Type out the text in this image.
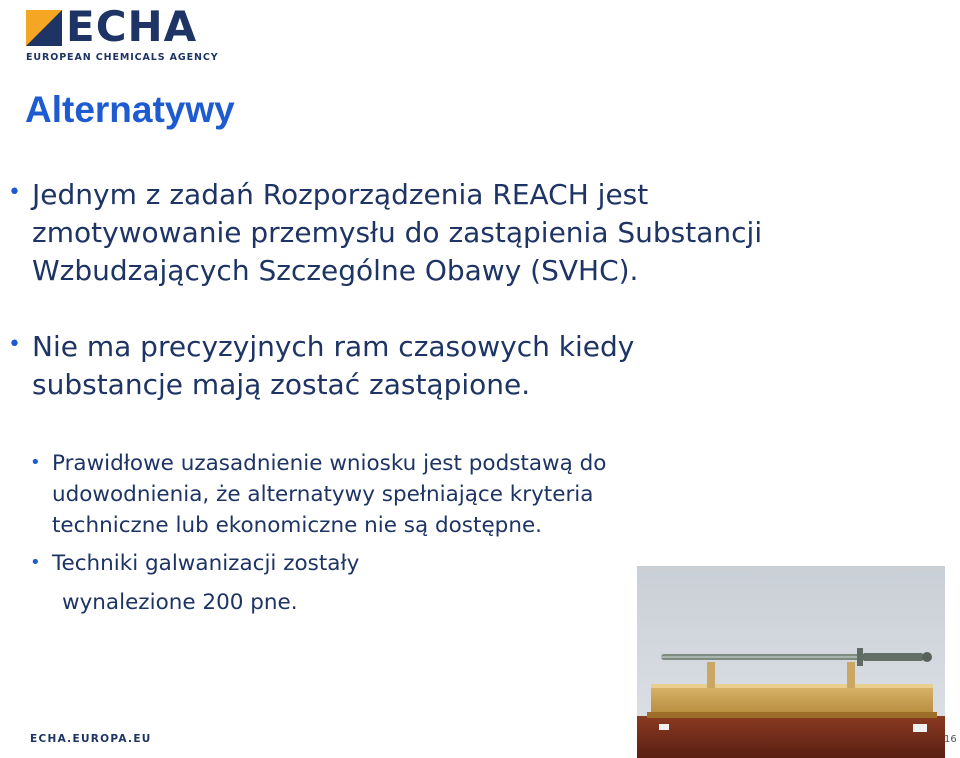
ECHA
EUROPEAN CHEMICALS AGENCY
Alternatywy
• Jednym z zadań Rozporządzenia REACH jest

zmotywowanie przemysłu do zastąpienia Substancji

Wzbudzających Szczególne Obawy (SVHC).

• Nie ma precyzyjnych ram czasowych kiedy

substancje mają zostać zastąpione.

• Prawidłowe uzasadnienie wniosku jest podstawą do

udowodnienia, że alternatywy spełniające kryteria

techniczne lub ekonomiczne nie są dostępne.

• Techniki galwanizacji zostały

wynalezione 200 pne.

ECHA.EUROPA.EU	16
